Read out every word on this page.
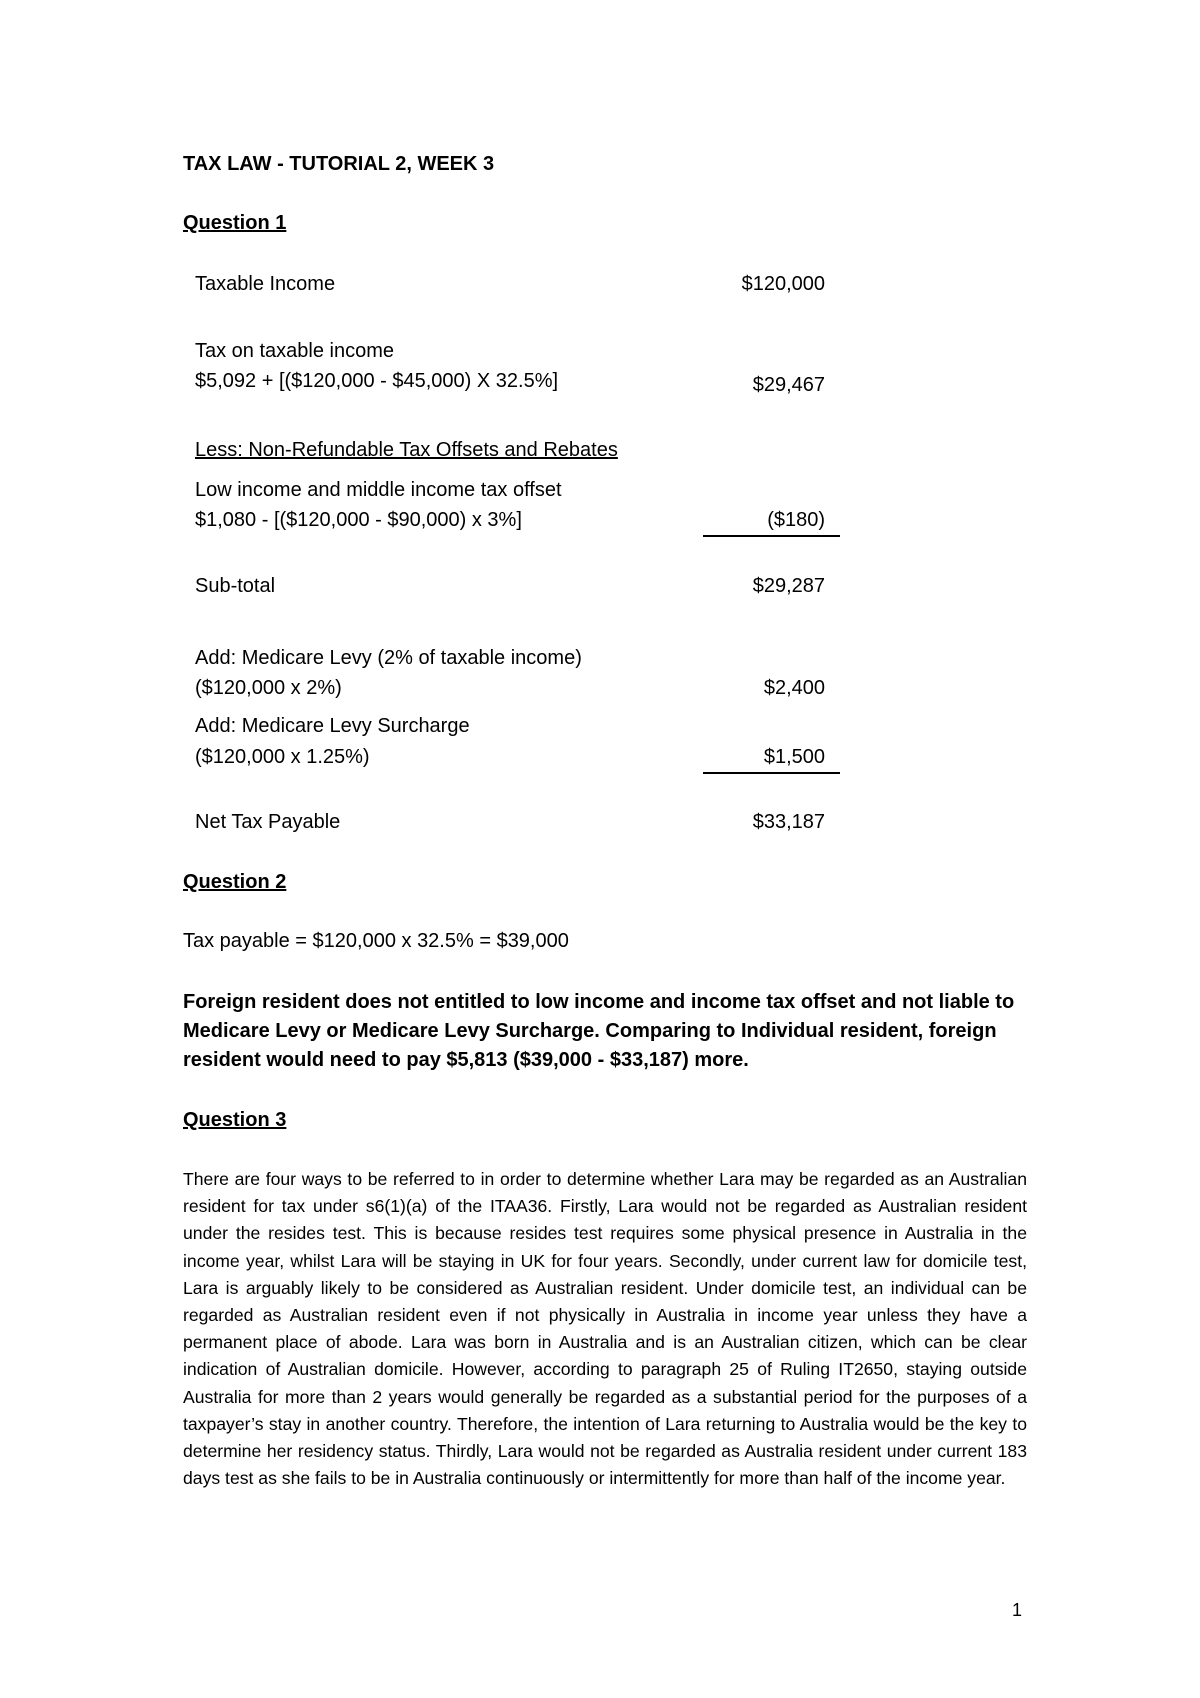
TAX LAW - TUTORIAL 2, WEEK 3
Question 1
Taxable Income	$120,000
Tax on taxable income
$5,092 + [($120,000 - $45,000) X 32.5%]	$29,467
Less: Non-Refundable Tax Offsets and Rebates
Low income and middle income tax offset
$1,080 - [($120,000 - $90,000) x 3%]	($180)
Sub-total	$29,287
Add: Medicare Levy (2% of taxable income)
($120,000 x 2%)	$2,400
Add: Medicare Levy Surcharge
($120,000 x 1.25%)	$1,500
Net Tax Payable	$33,187
Question 2
Tax payable = $120,000 x 32.5% = $39,000
Foreign resident does not entitled to low income and income tax offset and not liable to Medicare Levy or Medicare Levy Surcharge. Comparing to Individual resident, foreign resident would need to pay $5,813 ($39,000 - $33,187) more.
Question 3
There are four ways to be referred to in order to determine whether Lara may be regarded as an Australian resident for tax under s6(1)(a) of the ITAA36. Firstly, Lara would not be regarded as Australian resident under the resides test. This is because resides test requires some physical presence in Australia in the income year, whilst Lara will be staying in UK for four years. Secondly, under current law for domicile test, Lara is arguably likely to be considered as Australian resident. Under domicile test, an individual can be regarded as Australian resident even if not physically in Australia in income year unless they have a permanent place of abode. Lara was born in Australia and is an Australian citizen, which can be clear indication of Australian domicile. However, according to paragraph 25 of Ruling IT2650, staying outside Australia for more than 2 years would generally be regarded as a substantial period for the purposes of a taxpayer’s stay in another country. Therefore, the intention of Lara returning to Australia would be the key to determine her residency status. Thirdly, Lara would not be regarded as Australia resident under current 183 days test as she fails to be in Australia continuously or intermittently for more than half of the income year.
1
